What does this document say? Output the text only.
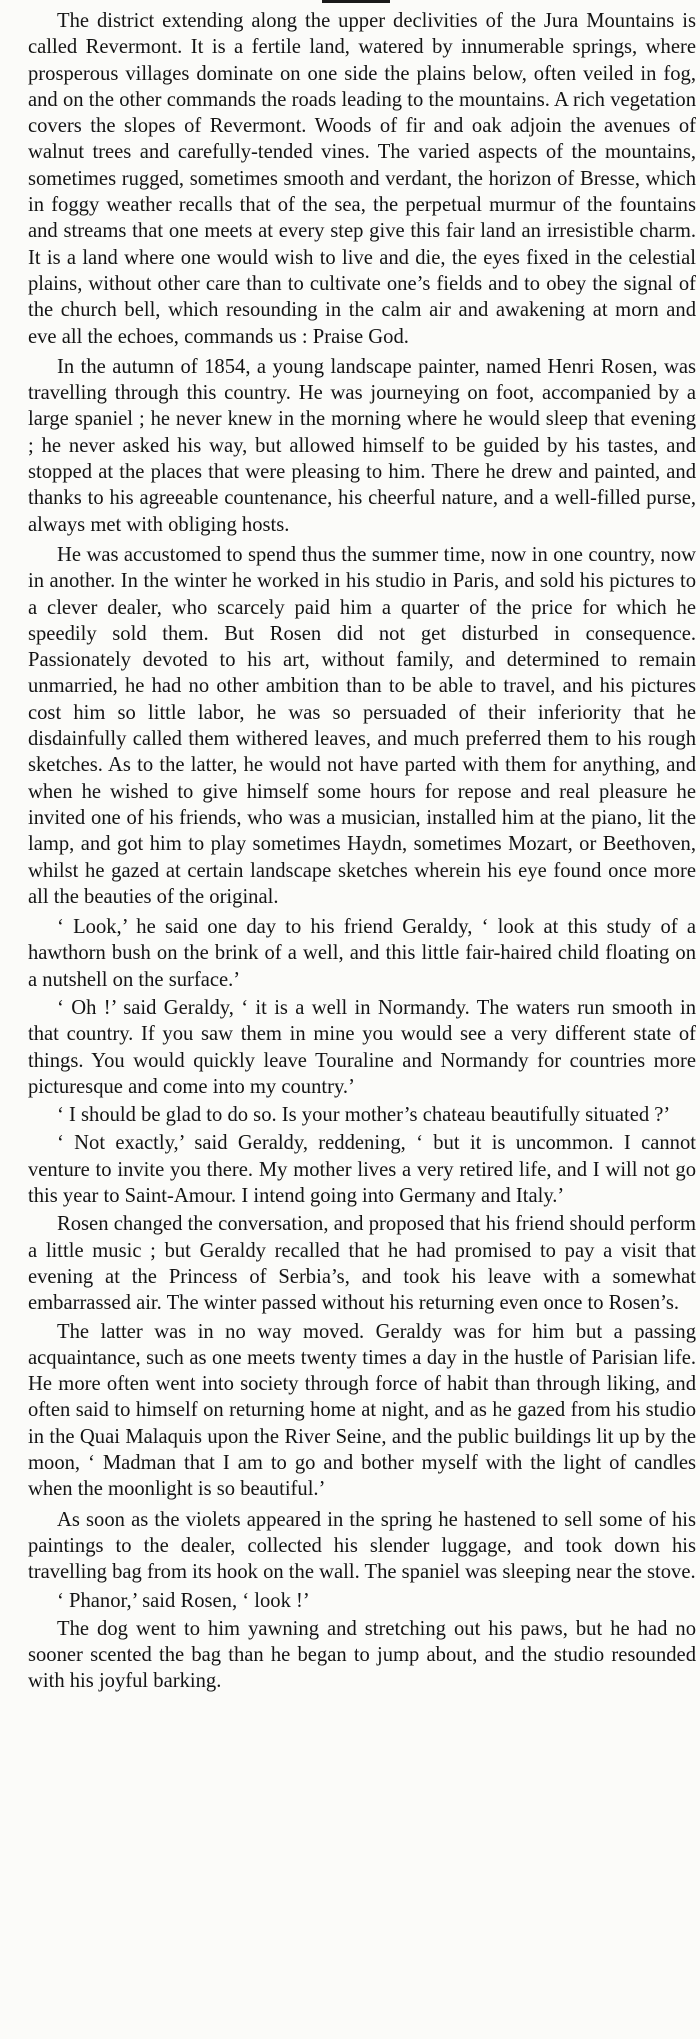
The district extending along the upper declivities of the Jura Mountains is called Revermont. It is a fertile land, watered by innumerable springs, where prosperous villages dominate on one side the plains below, often veiled in fog, and on the other commands the roads leading to the mountains. A rich vegetation covers the slopes of Revermont. Woods of fir and oak adjoin the avenues of walnut trees and carefully-tended vines. The varied aspects of the mountains, sometimes rugged, sometimes smooth and verdant, the horizon of Bresse, which in foggy weather recalls that of the sea, the perpetual murmur of the fountains and streams that one meets at every step give this fair land an irresistible charm. It is a land where one would wish to live and die, the eyes fixed in the celestial plains, without other care than to cultivate one’s fields and to obey the signal of the church bell, which resounding in the calm air and awakening at morn and eve all the echoes, commands us : Praise God.

In the autumn of 1854, a young landscape painter, named Henri Rosen, was travelling through this country. He was journeying on foot, accompanied by a large spaniel ; he never knew in the morning where he would sleep that evening ; he never asked his way, but allowed himself to be guided by his tastes, and stopped at the places that were pleasing to him. There he drew and painted, and thanks to his agreeable countenance, his cheerful nature, and a well-filled purse, always met with obliging hosts.

He was accustomed to spend thus the summer time, now in one country, now in another. In the winter he worked in his studio in Paris, and sold his pictures to a clever dealer, who scarcely paid him a quarter of the price for which he speedily sold them. But Rosen did not get disturbed in consequence. Passionately devoted to his art, without family, and determined to remain unmarried, he had no other ambition than to be able to travel, and his pictures cost him so little labor, he was so persuaded of their inferiority that he disdainfully called them withered leaves, and much preferred them to his rough sketches. As to the latter, he would not have parted with them for anything, and when he wished to give himself some hours for repose and real pleasure he invited one of his friends, who was a musician, installed him at the piano, lit the lamp, and got him to play sometimes Haydn, sometimes Mozart, or Beethoven, whilst he gazed at certain landscape sketches wherein his eye found once more all the beauties of the original.

‘ Look,’ he said one day to his friend Geraldy, ‘ look at this study of a hawthorn bush on the brink of a well, and this little fair-haired child floating on a nutshell on the surface.’

‘ Oh !’ said Geraldy, ‘ it is a well in Normandy. The waters run smooth in that country. If you saw them in mine you would see a very different state of things. You would quickly leave Touraline and Normandy for countries more picturesque and come into my country.’

‘ I should be glad to do so. Is your mother’s chateau beautifully situated ?’

‘ Not exactly,’ said Geraldy, reddening, ‘ but it is uncommon. I cannot venture to invite you there. My mother lives a very retired life, and I will not go this year to Saint-Amour. I intend going into Germany and Italy.’

Rosen changed the conversation, and proposed that his friend should perform a little music ; but Geraldy recalled that he had promised to pay a visit that evening at the Princess of Serbia’s, and took his leave with a somewhat embarrassed air. The winter passed without his returning even once to Rosen’s.

The latter was in no way moved. Geraldy was for him but a passing acquaintance, such as one meets twenty times a day in the hustle of Parisian life. He more often went into society through force of habit than through liking, and often said to himself on returning home at night, and as he gazed from his studio in the Quai Malaquis upon the River Seine, and the public buildings lit up by the moon, ‘ Madman that I am to go and bother myself with the light of candles when the moonlight is so beautiful.’

As soon as the violets appeared in the spring he hastened to sell some of his paintings to the dealer, collected his slender luggage, and took down his travelling bag from its hook on the wall. The spaniel was sleeping near the stove.

‘ Phanor,’ said Rosen, ‘ look !’

The dog went to him yawning and stretching out his paws, but he had no sooner scented the bag than he began to jump about, and the studio resounded with his joyful barking.
